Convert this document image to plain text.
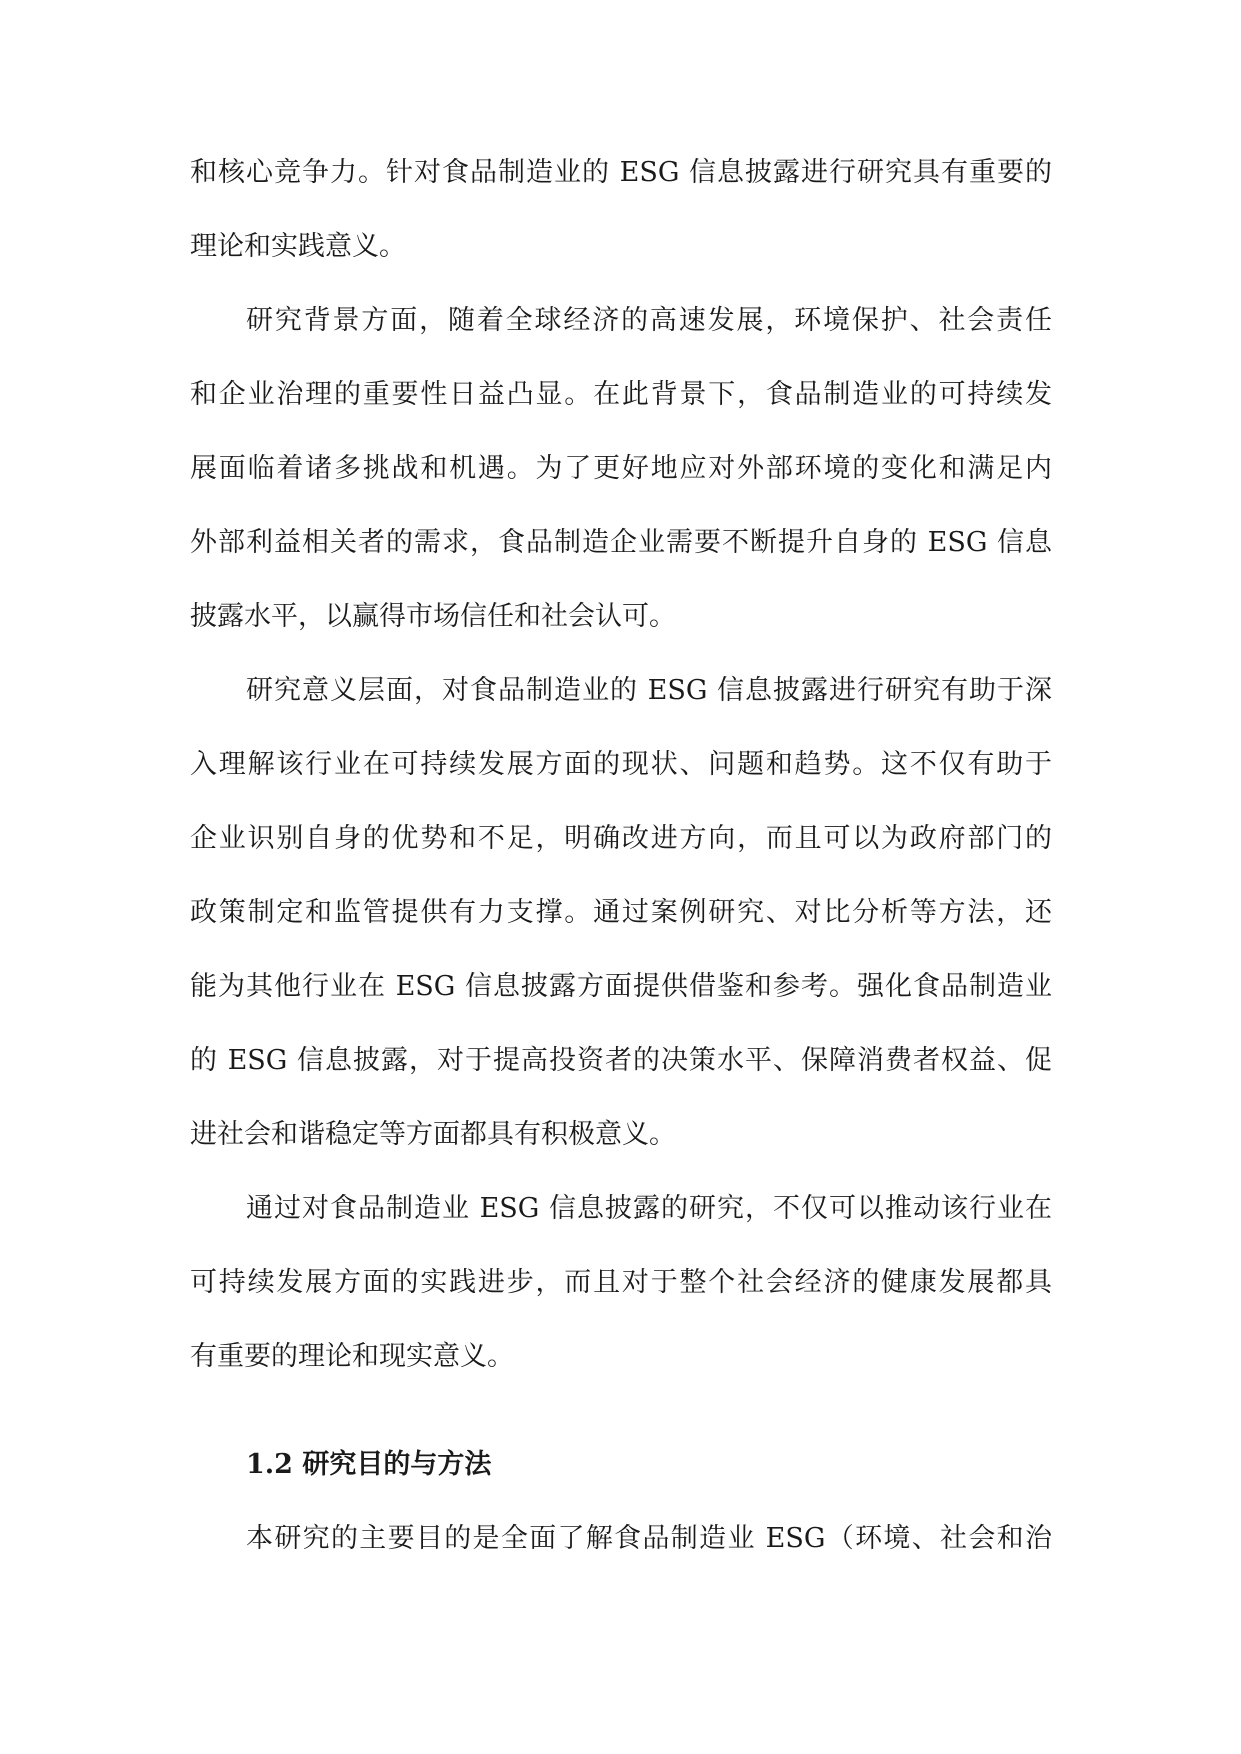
和核心竞争力。针对食品制造业的 ESG 信息披露进行研究具有重要的
理论和实践意义。
研究背景方面，随着全球经济的高速发展，环境保护、社会责任
和企业治理的重要性日益凸显。在此背景下，食品制造业的可持续发
展面临着诸多挑战和机遇。为了更好地应对外部环境的变化和满足内
外部利益相关者的需求，食品制造企业需要不断提升自身的 ESG 信息
披露水平，以赢得市场信任和社会认可。
研究意义层面，对食品制造业的 ESG 信息披露进行研究有助于深
入理解该行业在可持续发展方面的现状、问题和趋势。这不仅有助于
企业识别自身的优势和不足，明确改进方向，而且可以为政府部门的
政策制定和监管提供有力支撑。通过案例研究、对比分析等方法，还
能为其他行业在 ESG 信息披露方面提供借鉴和参考。强化食品制造业
的 ESG 信息披露，对于提高投资者的决策水平、保障消费者权益、促
进社会和谐稳定等方面都具有积极意义。
通过对食品制造业 ESG 信息披露的研究，不仅可以推动该行业在
可持续发展方面的实践进步，而且对于整个社会经济的健康发展都具
有重要的理论和现实意义。
1.2 研究目的与方法
本研究的主要目的是全面了解食品制造业 ESG（环境、社会和治
